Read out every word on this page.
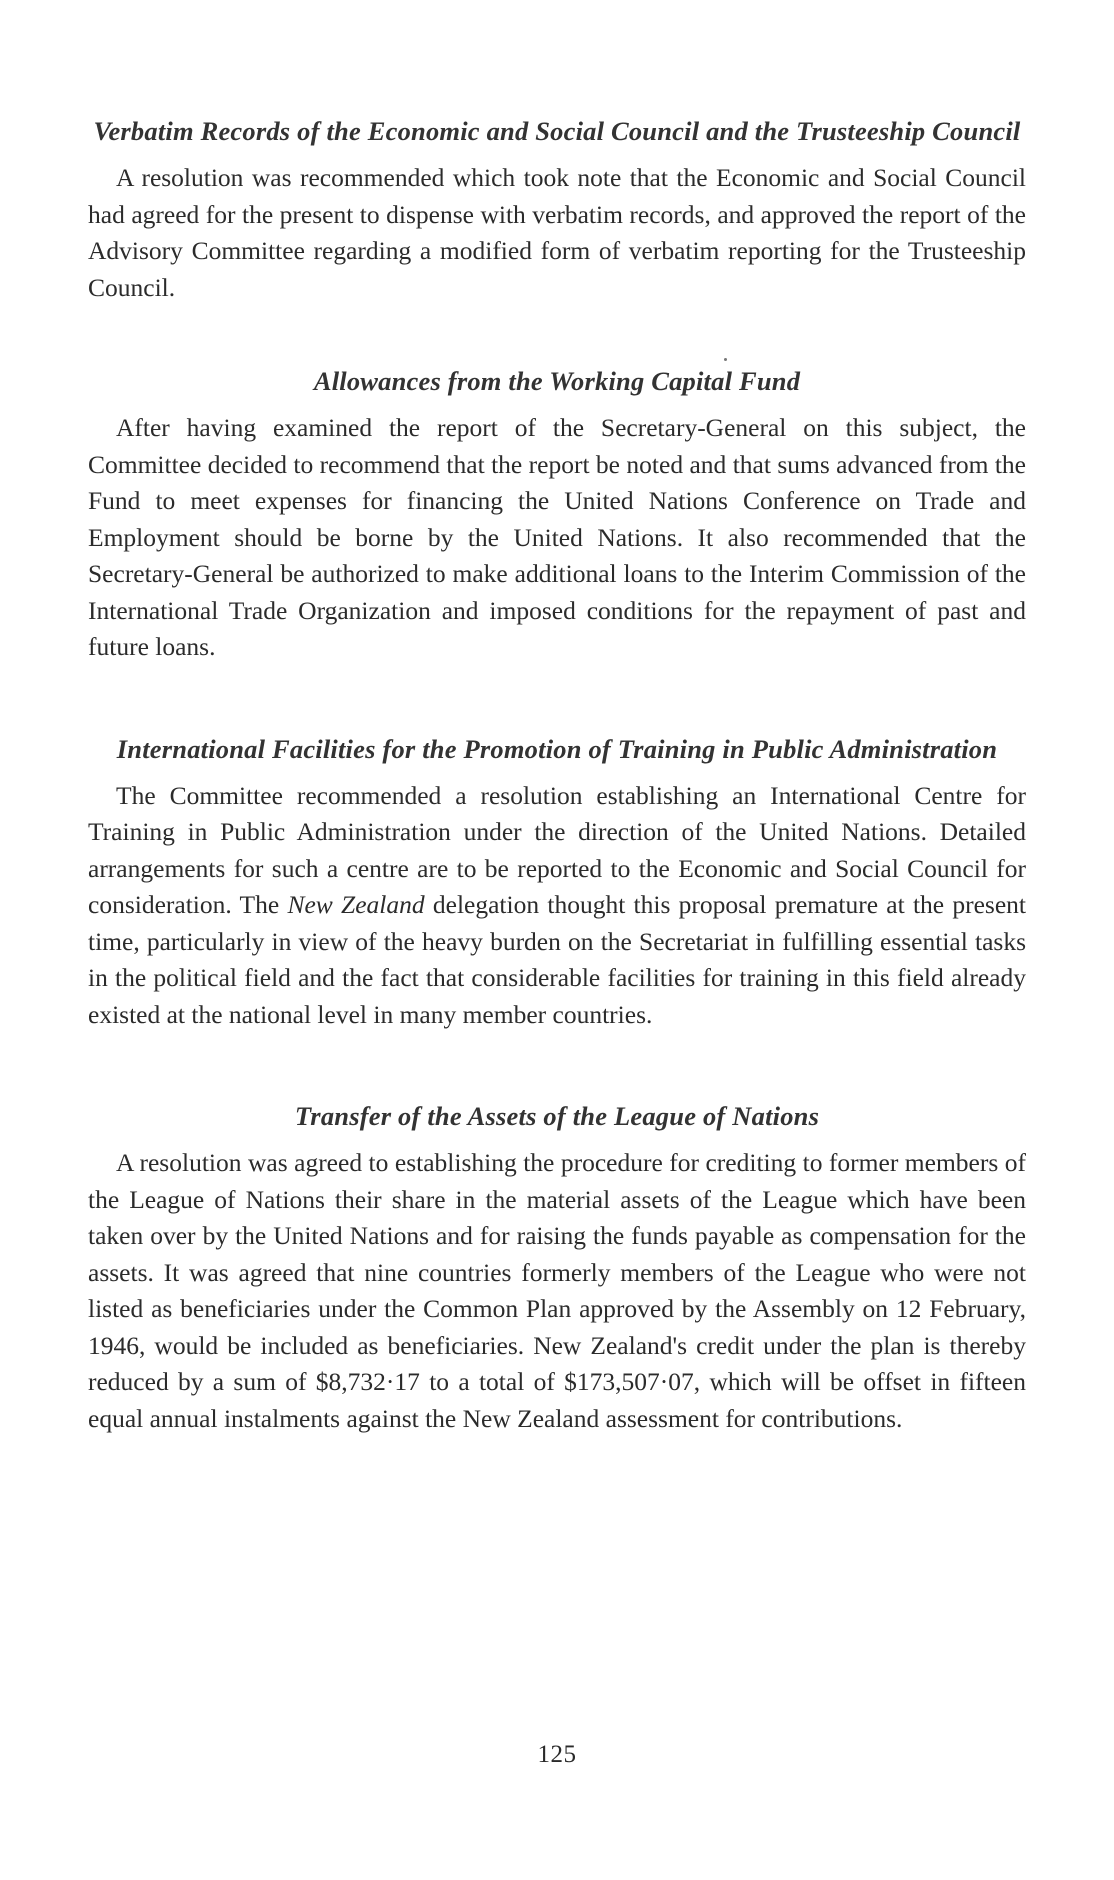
Verbatim Records of the Economic and Social Council and the Trusteeship Council

A resolution was recommended which took note that the Economic and Social Council had agreed for the present to dispense with verbatim records, and approved the report of the Advisory Committee regarding a modified form of verbatim reporting for the Trusteeship Council.

Allowances from the Working Capital Fund

After having examined the report of the Secretary-General on this subject, the Committee decided to recommend that the report be noted and that sums advanced from the Fund to meet expenses for financing the United Nations Conference on Trade and Employment should be borne by the United Nations. It also recommended that the Secretary-General be authorized to make additional loans to the Interim Commission of the International Trade Organization and imposed conditions for the repayment of past and future loans.

International Facilities for the Promotion of Training in Public Administration

The Committee recommended a resolution establishing an International Centre for Training in Public Administration under the direction of the United Nations. Detailed arrangements for such a centre are to be reported to the Economic and Social Council for consideration. The New Zealand delegation thought this proposal premature at the present time, particularly in view of the heavy burden on the Secretariat in fulfilling essential tasks in the political field and the fact that considerable facilities for training in this field already existed at the national level in many member countries.

Transfer of the Assets of the League of Nations

A resolution was agreed to establishing the procedure for crediting to former members of the League of Nations their share in the material assets of the League which have been taken over by the United Nations and for raising the funds payable as compensation for the assets. It was agreed that nine countries formerly members of the League who were not listed as beneficiaries under the Common Plan approved by the Assembly on 12 February, 1946, would be included as beneficiaries. New Zealand's credit under the plan is thereby reduced by a sum of $8,732·17 to a total of $173,507·07, which will be offset in fifteen equal annual instalments against the New Zealand assessment for contributions.

125
